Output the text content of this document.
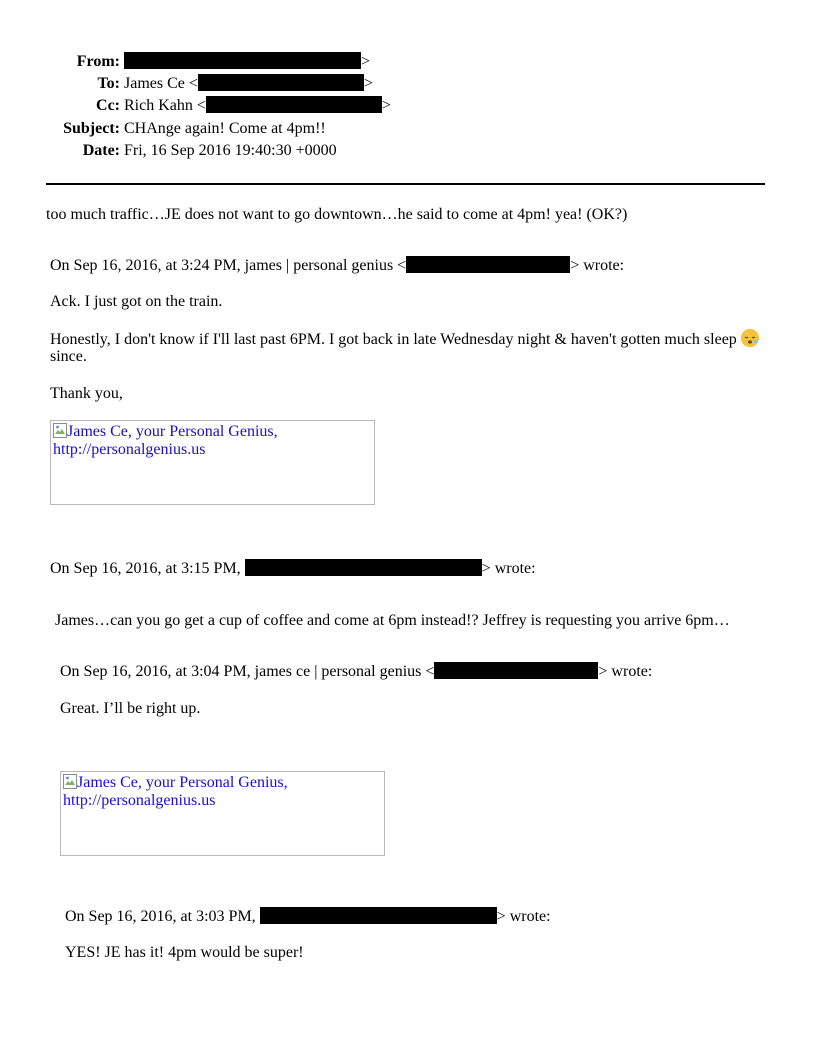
From:	>
To: James Ce <	>
Cc: Rich Kahn <	>
Subject: CHAnge again! Come at 4pm!!
Date: Fri, 16 Sep 2016 19:40:30 +0000
too much traffic…JE does not want to go downtown…he said to come at 4pm! yea! (OK?)
On Sep 16, 2016, at 3:24 PM, james | personal genius <	> wrote:
Ack. I just got on the train.
Honestly, I don't know if I'll last past 6PM. I got back in late Wednesday night & haven't gotten much sleep
since.
Thank you,
James Ce, your Personal Genius, http://personalgenius.us
On Sep 16, 2016, at 3:15 PM,	> wrote:
James…can you go get a cup of coffee and come at 6pm instead!? Jeffrey is requesting you arrive 6pm…
On Sep 16, 2016, at 3:04 PM, james ce | personal genius <	> wrote:
Great. I’ll be right up.
James Ce, your Personal Genius, http://personalgenius.us
On Sep 16, 2016, at 3:03 PM,	> wrote:
YES! JE has it! 4pm would be super!
